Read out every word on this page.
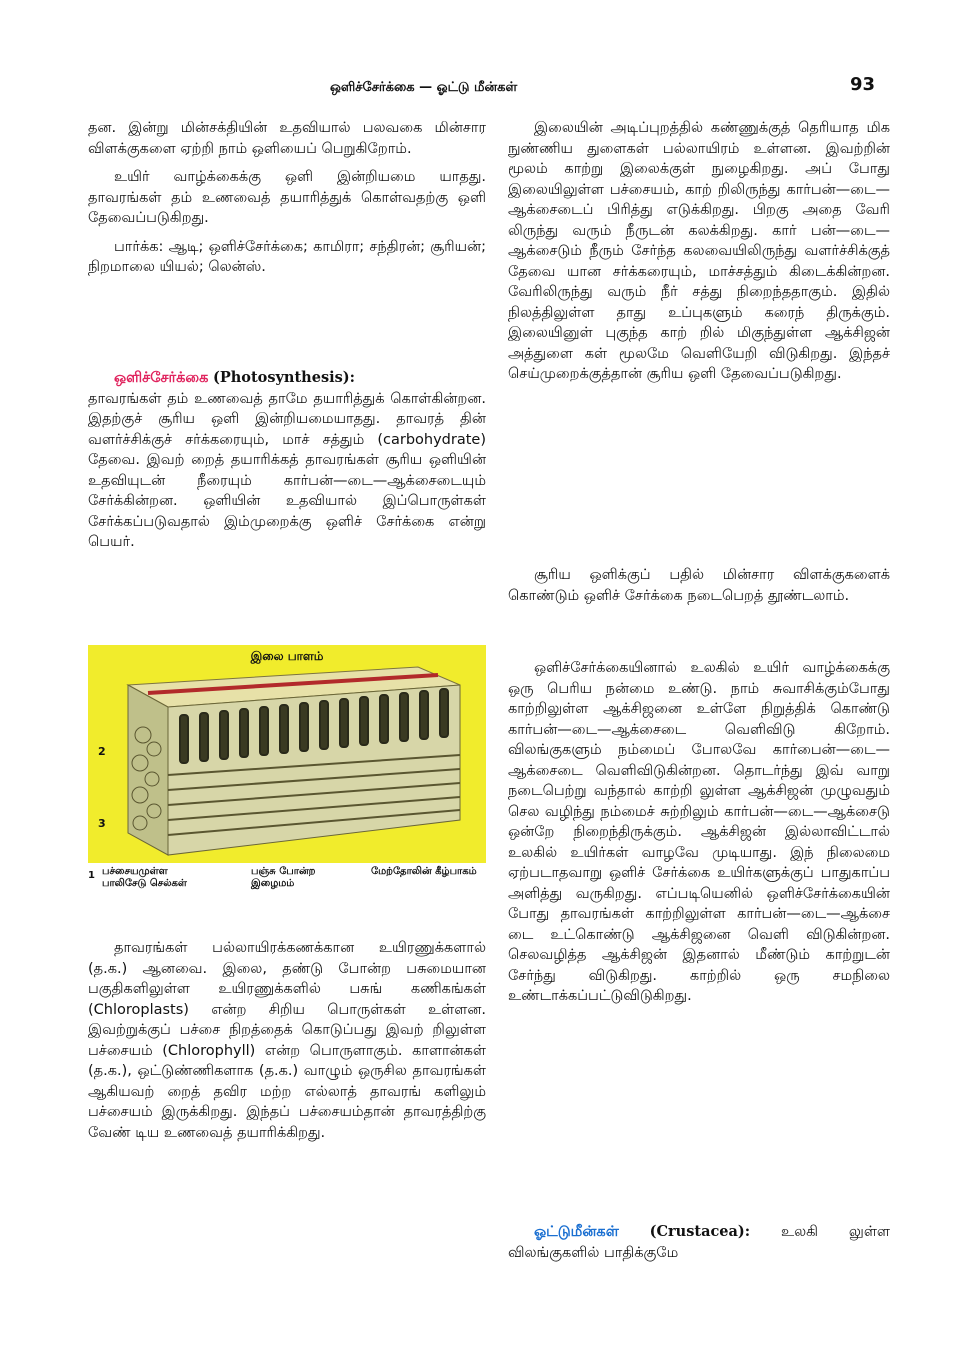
ஒளிச்சேர்க்கை — ஓட்டு மீன்கள்	93

தன. இன்று மின்சக்தியின் உதவியால் பலவகை மின்சார விளக்குகளை ஏற்றி நாம் ஒளியைப் பெறுகிறோம்.

உயிர் வாழ்க்கைக்கு ஒளி இன்றியமை யாதது. தாவரங்கள் தம் உணவைத் தயாரித்துக் கொள்வதற்கு ஒளி தேவைப்படுகிறது.

பார்க்க: ஆடி; ஒளிச்சேர்க்கை; காமிரா; சந்திரன்; சூரியன்; நிறமாலை யியல்; லென்ஸ்.

ஒளிச்சேர்க்கை (Photosynthesis):

தாவரங்கள் தம் உணவைத் தாமே தயாரித்துக் கொள்கின்றன. இதற்குச் சூரிய ஒளி இன்றியமையாதது. தாவரத் தின் வளர்ச்சிக்குச் சர்க்கரையும், மாச் சத்தும் (carbohydrate) தேவை. இவற் றைத் தயாரிக்கத் தாவரங்கள் சூரிய ஒளியின் உதவியுடன் நீரையும் கார்பன்—டை—ஆக்சைடையும் சேர்க்கின்றன. ஒளியின் உதவியால் இப்பொருள்கள் சேர்க்கப்படுவதால் இம்முறைக்கு ஒளிச் சேர்க்கை என்று பெயர்.

இலை பாளம்
2
3
1 பச்சையமுள்ள பாலிசேடு செல்கள்
பஞ்சு போன்ற இழைமம்
மேற்தோலின் கீழ்பாகம்

தாவரங்கள் பல்லாயிரக்கணக்கான உயிரணுக்களால் (த.க.) ஆனவை. இலை, தண்டு போன்ற பசுமையான பகுதிகளிலுள்ள உயிரணுக்களில் பசுங் கணிகங்கள் (Chloroplasts) என்ற சிறிய பொருள்கள் உள்ளன. இவற்றுக்குப் பச்சை நிறத்தைக் கொடுப்பது இவற் றிலுள்ள பச்சையம் (Chlorophyll) என்ற பொருளாகும். காளான்கள் (த.க.), ஒட்டுண்ணிகளாக (த.க.) வாழும் ஒருசில தாவரங்கள் ஆகியவற் றைத் தவிர மற்ற எல்லாத் தாவரங் களிலும் பச்சையம் இருக்கிறது. இந்தப் பச்சையம்தான் தாவரத்திற்கு வேண் டிய உணவைத் தயாரிக்கிறது.

இலையின் அடிப்புறத்தில் கண்ணுக்குத் தெரியாத மிக நுண்ணிய துளைகள் பல்லாயிரம் உள்ளன. இவற்றின் மூலம் காற்று இலைக்குள் நுழைகிறது. அப் போது இலையிலுள்ள பச்சையம், காற் றிலிருந்து கார்பன்—டை—ஆக்சைடைப் பிரித்து எடுக்கிறது. பிறகு அதை வேரி லிருந்து வரும் நீருடன் கலக்கிறது. கார் பன்—டை—ஆக்சைடும் நீரும் சேர்ந்த கலவையிலிருந்து வளர்ச்சிக்குத் தேவை யான சர்க்கரையும், மாச்சத்தும் கிடைக்கின்றன. வேரிலிருந்து வரும் நீர் சத்து நிறைந்ததாகும். இதில் நிலத்திலுள்ள தாது உப்புகளும் கரைந் திருக்கும். இலையினுள் புகுந்த காற் றில் மிகுந்துள்ள ஆக்சிஜன் அத்துளை கள் மூலமே வெளியேறி விடுகிறது. இந்தச் செய்முறைக்குத்தான் சூரிய ஒளி தேவைப்படுகிறது.

சூரிய ஒளிக்குப் பதில் மின்சார விளக்குகளைக் கொண்டும் ஒளிச் சேர்க்கை நடைபெறத் தூண்டலாம்.

ஒளிச்சேர்க்கையினால் உலகில் உயிர் வாழ்க்கைக்கு ஒரு பெரிய நன்மை உண்டு. நாம் சுவாசிக்கும்போது காற்றிலுள்ள ஆக்சிஜனை உள்ளே நிறுத்திக் கொண்டு கார்பன்—டை—ஆக்சைடை வெளிவிடு கிறோம். விலங்குகளும் நம்மைப் போலவே கார்பைன்—டை—ஆக்சைடை வெளிவிடுகின்றன. தொடர்ந்து இவ் வாறு நடைபெற்று வந்தால் காற்றி லுள்ள ஆக்சிஜன் முழுவதும் செல வழிந்து நம்மைச் சுற்றிலும் கார்பன்—டை—ஆக்சைடு ஒன்றே நிறைந்திருக்கும். ஆக்சிஜன் இல்லாவிட்டால் உலகில் உயிர்கள் வாழவே முடியாது. இந் நிலைமை ஏற்படாதவாறு ஒளிச் சேர்க்கை உயிர்களுக்குப் பாதுகாப்ப அளித்து வருகிறது. எப்படியெனில் ஒளிச்சேர்க்கையின் போது தாவரங்கள் காற்றிலுள்ள கார்பன்—டை—ஆக்சை டை உட்கொண்டு ஆக்சிஜனை வெளி விடுகின்றன. செலவழித்த ஆக்சிஜன் இதனால் மீண்டும் காற்றுடன் சேர்ந்து விடுகிறது. காற்றில் ஒரு சமநிலை உண்டாக்கப்பட்டுவிடுகிறது.

ஓட்டுமீன்கள் (Crustacea): உலகி லுள்ள விலங்குகளில் பாதிக்குமே
